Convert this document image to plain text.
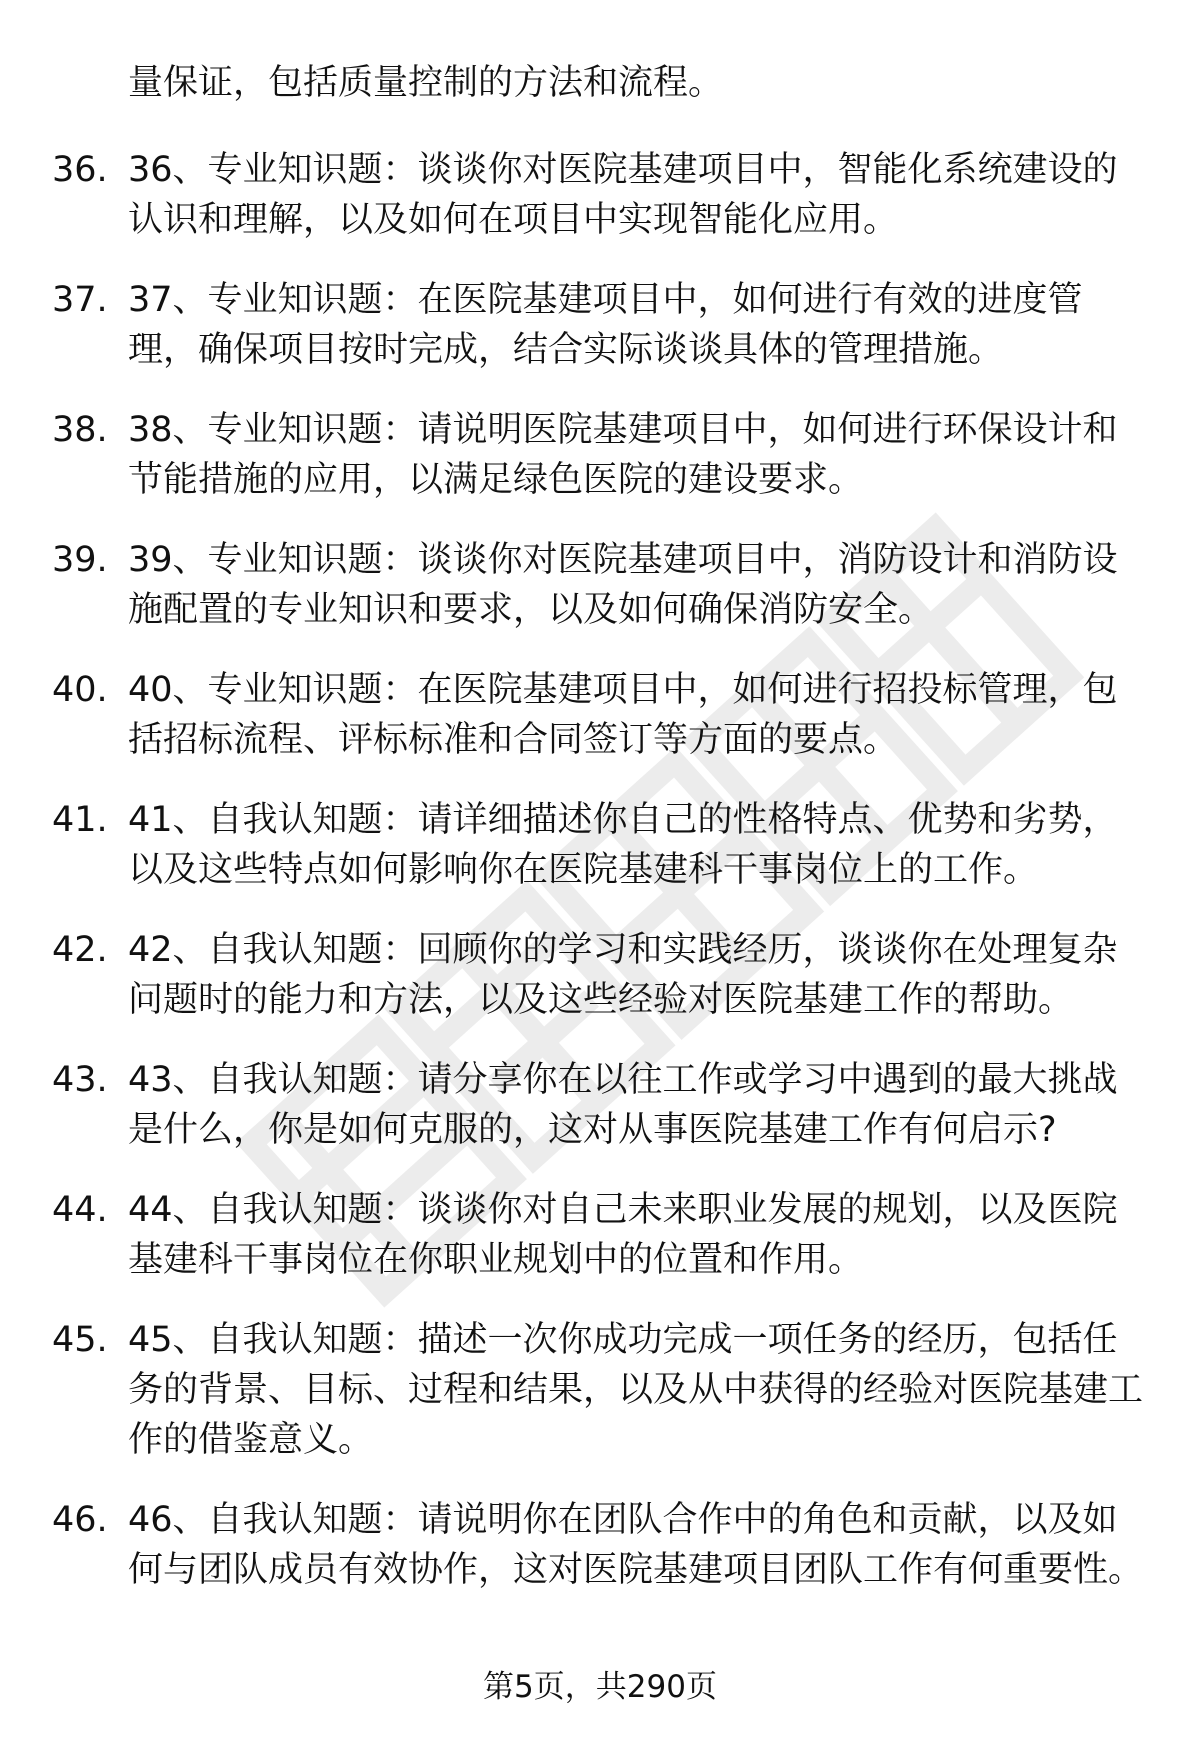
量保证，包括质量控制的方法和流程。
36. 36、专业知识题：谈谈你对医院基建项目中，智能化系统建设的认识和理解，以及如何在项目中实现智能化应用。
37. 37、专业知识题：在医院基建项目中，如何进行有效的进度管理，确保项目按时完成，结合实际谈谈具体的管理措施。
38. 38、专业知识题：请说明医院基建项目中，如何进行环保设计和节能措施的应用，以满足绿色医院的建设要求。
39. 39、专业知识题：谈谈你对医院基建项目中，消防设计和消防设施配置的专业知识和要求，以及如何确保消防安全。
40. 40、专业知识题：在医院基建项目中，如何进行招投标管理，包括招标流程、评标标准和合同签订等方面的要点。
41. 41、自我认知题：请详细描述你自己的性格特点、优势和劣势，以及这些特点如何影响你在医院基建科干事岗位上的工作。
42. 42、自我认知题：回顾你的学习和实践经历，谈谈你在处理复杂问题时的能力和方法，以及这些经验对医院基建工作的帮助。
43. 43、自我认知题：请分享你在以往工作或学习中遇到的最大挑战是什么，你是如何克服的，这对从事医院基建工作有何启示?
44. 44、自我认知题：谈谈你对自己未来职业发展的规划，以及医院基建科干事岗位在你职业规划中的位置和作用。
45. 45、自我认知题：描述一次你成功完成一项任务的经历，包括任务的背景、目标、过程和结果，以及从中获得的经验对医院基建工作的借鉴意义。
46. 46、自我认知题：请说明你在团队合作中的角色和贡献，以及如何与团队成员有效协作，这对医院基建项目团队工作有何重要性。
第5页，共290页
